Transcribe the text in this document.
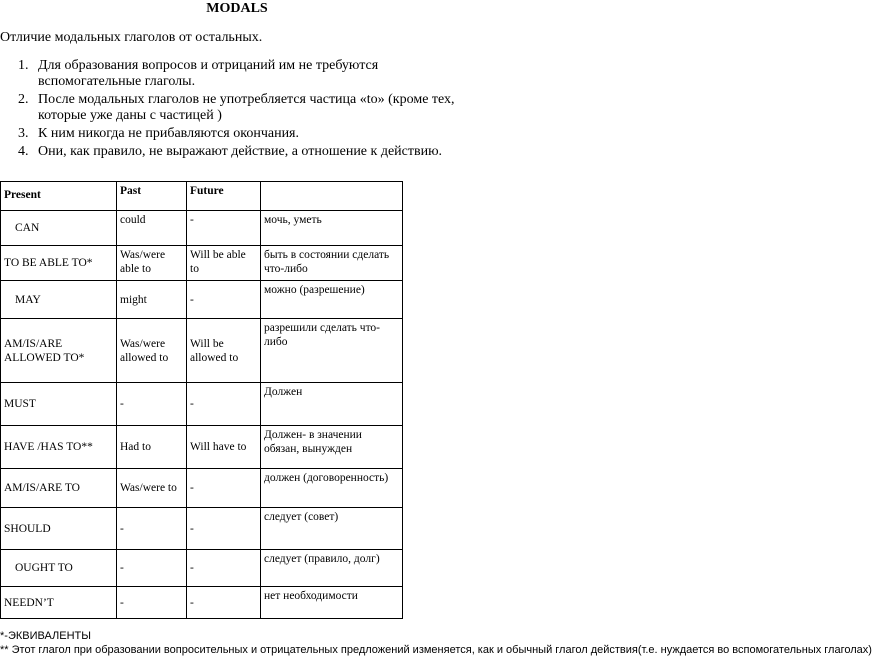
MODALS
Отличие модальных глаголов от остальных.
1. Для образования вопросов и отрицаний им не требуются вспомогательные глаголы.
2. После модальных глаголов не употребляется частица «to» (кроме тех, которые уже даны с частицей )
3. К ним никогда не прибавляются окончания.
4. Они, как правило, не выражают действие, а отношение к действию.
Present	Past	Future	
CAN	could	-	мочь, уметь
TO BE ABLE TO*	Was/were able to	Will be able to	быть в состоянии сделать что-либо
MAY	might	-	можно (разрешение)
AM/IS/ARE ALLOWED TO*	Was/were allowed to	Will be allowed to	разрешили сделать что-либо
MUST	-	-	Должен
HAVE /HAS TO**	Had to	Will have to	Должен- в значении обязан, вынужден
AM/IS/ARE TO	Was/were to	-	должен (договоренность)
SHOULD	-	-	следует (совет)
OUGHT TO	-	-	следует (правило, долг)
NEEDN’T	-	-	нет необходимости
*-ЭКВИВАЛЕНТЫ
** Этот глагол при образовании вопросительных и отрицательных предложений изменяется, как и обычный глагол действия(т.е. нуждается во вспомогательных глаголах)
